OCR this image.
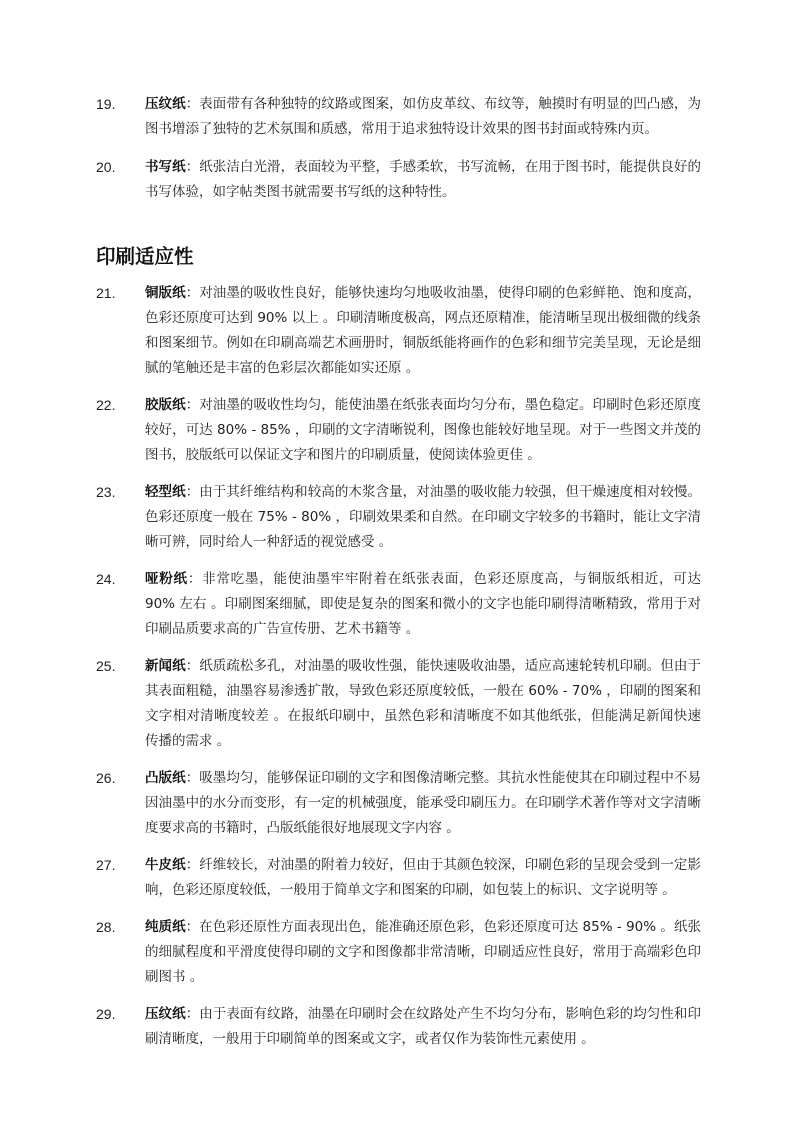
19.	压纹纸：表面带有各种独特的纹路或图案，如仿皮革纹、布纹等，触摸时有明显的凹凸感，为图书增添了独特的艺术氛围和质感，常用于追求独特设计效果的图书封面或特殊内页。
20.	书写纸：纸张洁白光滑，表面较为平整，手感柔软，书写流畅，在用于图书时，能提供良好的书写体验，如字帖类图书就需要书写纸的这种特性。
印刷适应性
21.	铜版纸：对油墨的吸收性良好，能够快速均匀地吸收油墨，使得印刷的色彩鲜艳、饱和度高，色彩还原度可达到 90% 以上 。印刷清晰度极高，网点还原精准，能清晰呈现出极细微的线条和图案细节。例如在印刷高端艺术画册时，铜版纸能将画作的色彩和细节完美呈现，无论是细腻的笔触还是丰富的色彩层次都能如实还原 。
22.	胶版纸：对油墨的吸收性均匀，能使油墨在纸张表面均匀分布，墨色稳定。印刷时色彩还原度较好，可达 80% - 85% ，印刷的文字清晰锐利，图像也能较好地呈现。对于一些图文并茂的图书，胶版纸可以保证文字和图片的印刷质量，使阅读体验更佳 。
23.	轻型纸：由于其纤维结构和较高的木浆含量，对油墨的吸收能力较强，但干燥速度相对较慢。色彩还原度一般在 75% - 80% ，印刷效果柔和自然。在印刷文字较多的书籍时，能让文字清晰可辨，同时给人一种舒适的视觉感受 。
24.	哑粉纸：非常吃墨，能使油墨牢牢附着在纸张表面，色彩还原度高，与铜版纸相近，可达 90% 左右 。印刷图案细腻，即使是复杂的图案和微小的文字也能印刷得清晰精致，常用于对印刷品质要求高的广告宣传册、艺术书籍等 。
25.	新闻纸：纸质疏松多孔，对油墨的吸收性强，能快速吸收油墨，适应高速轮转机印刷。但由于其表面粗糙，油墨容易渗透扩散，导致色彩还原度较低，一般在 60% - 70% ，印刷的图案和文字相对清晰度较差 。在报纸印刷中，虽然色彩和清晰度不如其他纸张，但能满足新闻快速传播的需求 。
26.	凸版纸：吸墨均匀，能够保证印刷的文字和图像清晰完整。其抗水性能使其在印刷过程中不易因油墨中的水分而变形，有一定的机械强度，能承受印刷压力。在印刷学术著作等对文字清晰度要求高的书籍时，凸版纸能很好地展现文字内容 。
27.	牛皮纸：纤维较长，对油墨的附着力较好，但由于其颜色较深，印刷色彩的呈现会受到一定影响，色彩还原度较低，一般用于简单文字和图案的印刷，如包装上的标识、文字说明等 。
28.	纯质纸：在色彩还原性方面表现出色，能准确还原色彩，色彩还原度可达 85% - 90% 。纸张的细腻程度和平滑度使得印刷的文字和图像都非常清晰，印刷适应性良好，常用于高端彩色印刷图书 。
29.	压纹纸：由于表面有纹路，油墨在印刷时会在纹路处产生不均匀分布，影响色彩的均匀性和印刷清晰度，一般用于印刷简单的图案或文字，或者仅作为装饰性元素使用 。
